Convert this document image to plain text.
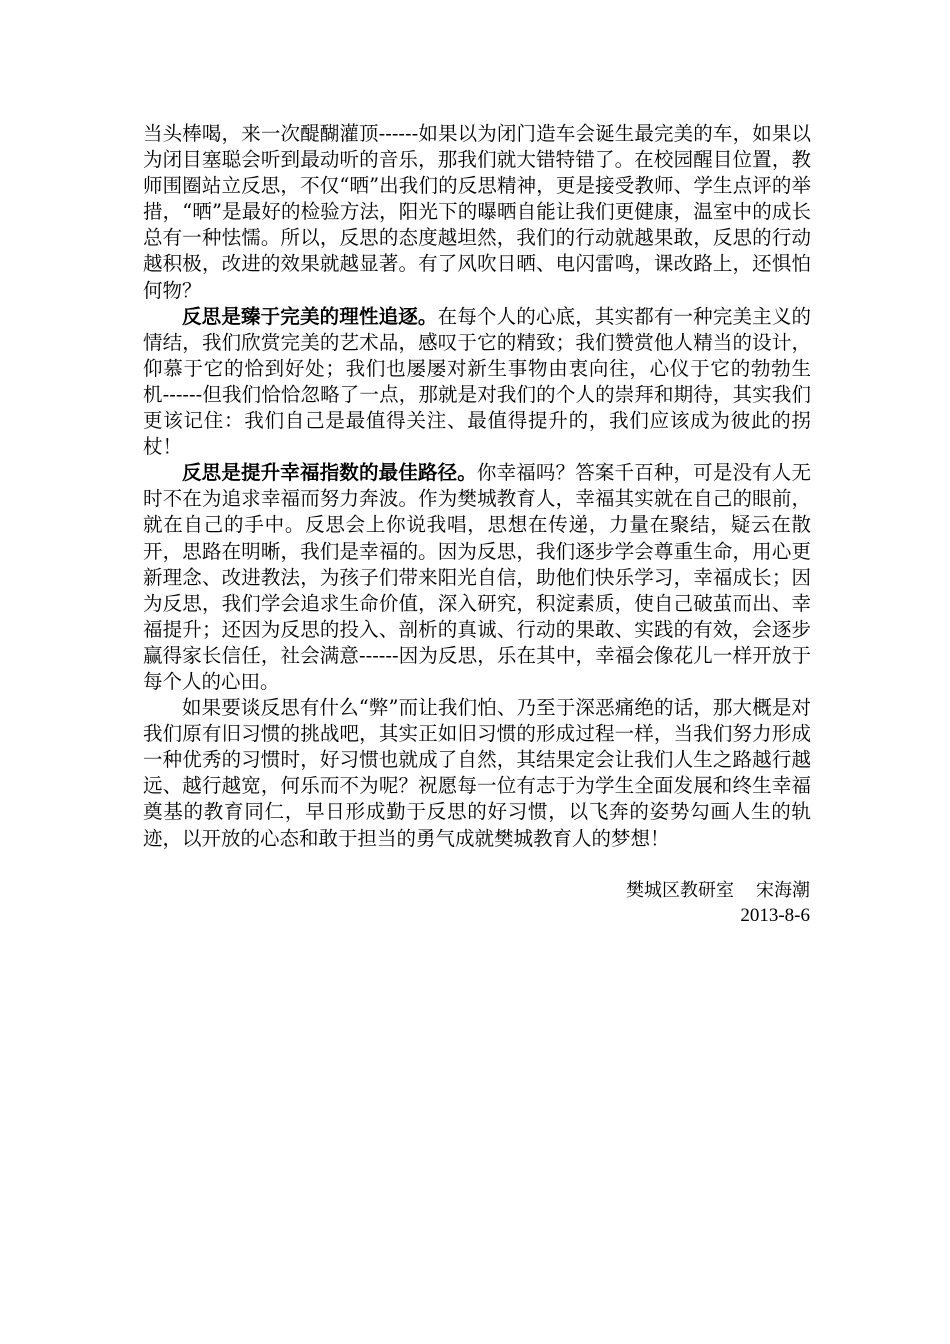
当头棒喝，来一次醍醐灌顶------如果以为闭门造车会诞生最完美的车，如果以为闭目塞聪会听到最动听的音乐，那我们就大错特错了。在校园醒目位置，教师围圈站立反思，不仅“晒”出我们的反思精神，更是接受教师、学生点评的举措，“晒”是最好的检验方法，阳光下的曝晒自能让我们更健康，温室中的成长总有一种怯懦。所以，反思的态度越坦然，我们的行动就越果敢，反思的行动越积极，改进的效果就越显著。有了风吹日晒、电闪雷鸣，课改路上，还惧怕何物？

反思是臻于完美的理性追逐。在每个人的心底，其实都有一种完美主义的情结，我们欣赏完美的艺术品，感叹于它的精致；我们赞赏他人精当的设计，仰慕于它的恰到好处；我们也屡屡对新生事物由衷向往，心仪于它的勃勃生机------但我们恰恰忽略了一点，那就是对我们的个人的崇拜和期待，其实我们更该记住：我们自己是最值得关注、最值得提升的，我们应该成为彼此的拐杖！

反思是提升幸福指数的最佳路径。你幸福吗？答案千百种，可是没有人无时不在为追求幸福而努力奔波。作为樊城教育人，幸福其实就在自己的眼前，就在自己的手中。反思会上你说我唱，思想在传递，力量在聚结，疑云在散开，思路在明晰，我们是幸福的。因为反思，我们逐步学会尊重生命，用心更新理念、改进教法，为孩子们带来阳光自信，助他们快乐学习，幸福成长；因为反思，我们学会追求生命价值，深入研究，积淀素质，使自己破茧而出、幸福提升；还因为反思的投入、剖析的真诚、行动的果敢、实践的有效，会逐步赢得家长信任，社会满意------因为反思，乐在其中，幸福会像花儿一样开放于每个人的心田。

如果要谈反思有什么“弊”而让我们怕、乃至于深恶痛绝的话，那大概是对我们原有旧习惯的挑战吧，其实正如旧习惯的形成过程一样，当我们努力形成一种优秀的习惯时，好习惯也就成了自然，其结果定会让我们人生之路越行越远、越行越宽，何乐而不为呢？祝愿每一位有志于为学生全面发展和终生幸福奠基的教育同仁，早日形成勤于反思的好习惯，以飞奔的姿势勾画人生的轨迹，以开放的心态和敢于担当的勇气成就樊城教育人的梦想！

樊城区教研室 宋海潮
2013-8-6
